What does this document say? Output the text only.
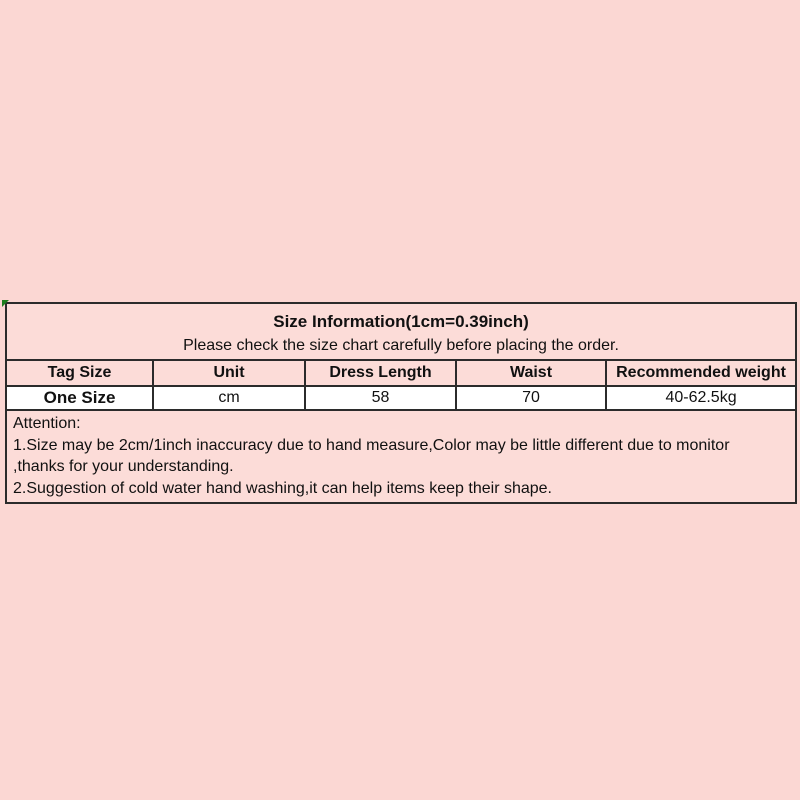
Size Information(1cm=0.39inch)
Please check the size chart carefully before placing the order.				

Tag Size	Unit	Dress Length	Waist	Recommended weight
One Size	cm	58	70	40-62.5kg

Attention:
1.Size may be 2cm/1inch inaccuracy due to hand measure,Color may be little different due to monitor
,thanks for your understanding.
2.Suggestion of cold water hand washing,it can help items keep their shape.				
